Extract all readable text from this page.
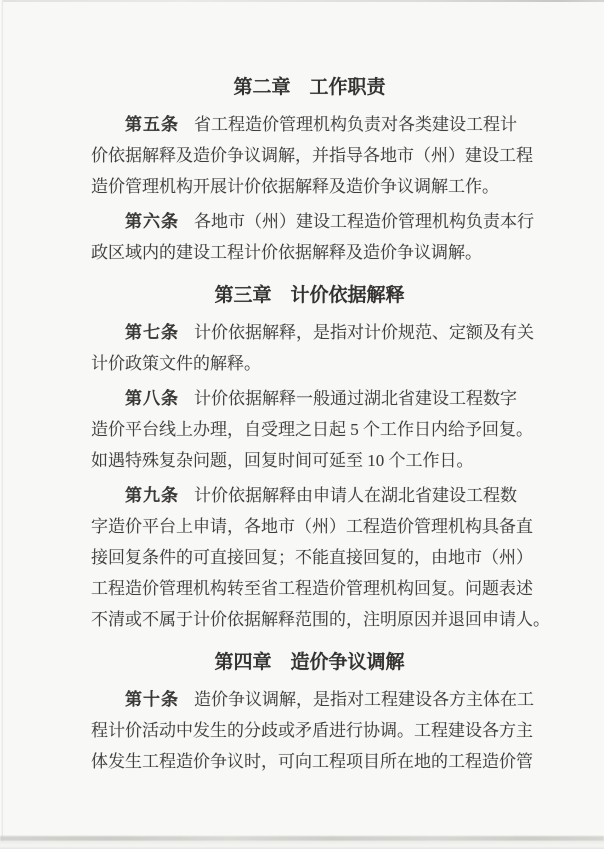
第二章　工作职责
第五条 省工程造价管理机构负责对各类建设工程计
价依据解释及造价争议调解，并指导各地市（州）建设工程
造价管理机构开展计价依据解释及造价争议调解工作。
第六条 各地市（州）建设工程造价管理机构负责本行
政区域内的建设工程计价依据解释及造价争议调解。
第三章　计价依据解释
第七条 计价依据解释，是指对计价规范、定额及有关
计价政策文件的解释。
第八条 计价依据解释一般通过湖北省建设工程数字
造价平台线上办理，自受理之日起 5 个工作日内给予回复。
如遇特殊复杂问题，回复时间可延至 10 个工作日。
第九条 计价依据解释由申请人在湖北省建设工程数
字造价平台上申请，各地市（州）工程造价管理机构具备直
接回复条件的可直接回复；不能直接回复的，由地市（州）
工程造价管理机构转至省工程造价管理机构回复。问题表述
不清或不属于计价依据解释范围的，注明原因并退回申请人。
第四章　造价争议调解
第十条 造价争议调解，是指对工程建设各方主体在工
程计价活动中发生的分歧或矛盾进行协调。工程建设各方主
体发生工程造价争议时，可向工程项目所在地的工程造价管
